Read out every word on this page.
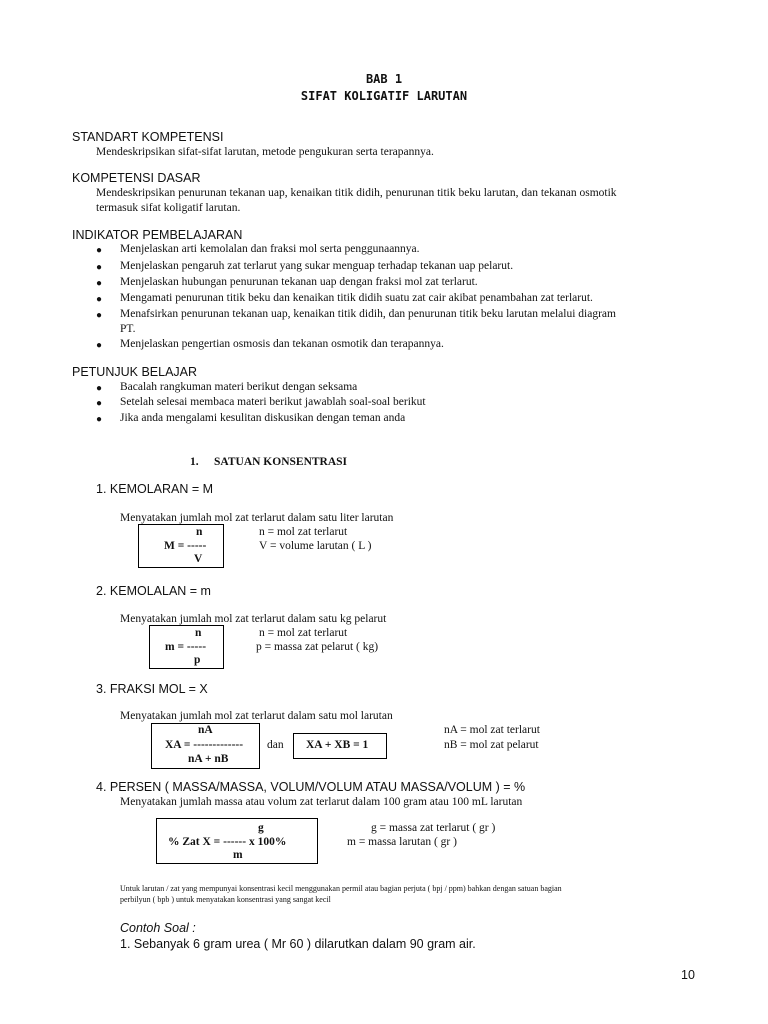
BAB 1
SIFAT KOLIGATIF LARUTAN
STANDART KOMPETENSI
Mendeskripsikan sifat-sifat larutan, metode pengukuran serta terapannya.
KOMPETENSI DASAR
Mendeskripsikan penurunan tekanan uap, kenaikan titik didih, penurunan titik beku larutan, dan tekanan osmotik
termasuk sifat koligatif larutan.
INDIKATOR PEMBELAJARAN
● Menjelaskan arti kemolalan dan fraksi mol serta penggunaannya.
● Menjelaskan pengaruh zat terlarut yang sukar menguap terhadap tekanan uap pelarut.
● Menjelaskan hubungan penurunan tekanan uap dengan fraksi mol zat terlarut.
● Mengamati penurunan titik beku dan kenaikan titik didih suatu zat cair akibat penambahan zat terlarut.
● Menafsirkan penurunan tekanan uap, kenaikan titik didih, dan penurunan titik beku larutan melalui diagram
PT.
● Menjelaskan pengertian osmosis dan tekanan osmotik dan terapannya.
PETUNJUK BELAJAR
● Bacalah rangkuman materi berikut dengan seksama
● Setelah selesai membaca materi berikut jawablah soal-soal berikut
● Jika anda mengalami kesulitan diskusikan dengan teman anda
1. SATUAN KONSENTRASI
1. KEMOLARAN = M
Menyatakan jumlah mol zat terlarut dalam satu liter larutan
n
M = -----
V
n = mol zat terlarut
V = volume larutan ( L )
2. KEMOLALAN = m
Menyatakan jumlah mol zat terlarut dalam satu kg pelarut
n
m = -----
p
n = mol zat terlarut
p = massa zat pelarut ( kg)
3. FRAKSI MOL = X
Menyatakan jumlah mol zat terlarut dalam satu mol larutan
nA
XA = -------------
nA + nB
dan XA + XB = 1
nA = mol zat terlarut
nB = mol zat pelarut
4. PERSEN ( MASSA/MASSA, VOLUM/VOLUM ATAU MASSA/VOLUM ) = %
Menyatakan jumlah massa atau volum zat terlarut dalam 100 gram atau 100 mL larutan
g
% Zat X = ------ x 100%
m
g = massa zat terlarut ( gr )
m = massa larutan ( gr )
Untuk larutan / zat yang mempunyai konsentrasi kecil menggunakan permil atau bagian perjuta ( bpj / ppm) bahkan dengan satuan bagian
perbilyun ( bpb ) untuk menyatakan konsentrasi yang sangat kecil
Contoh Soal :
1. Sebanyak 6 gram urea ( Mr 60 ) dilarutkan dalam 90 gram air.
10
